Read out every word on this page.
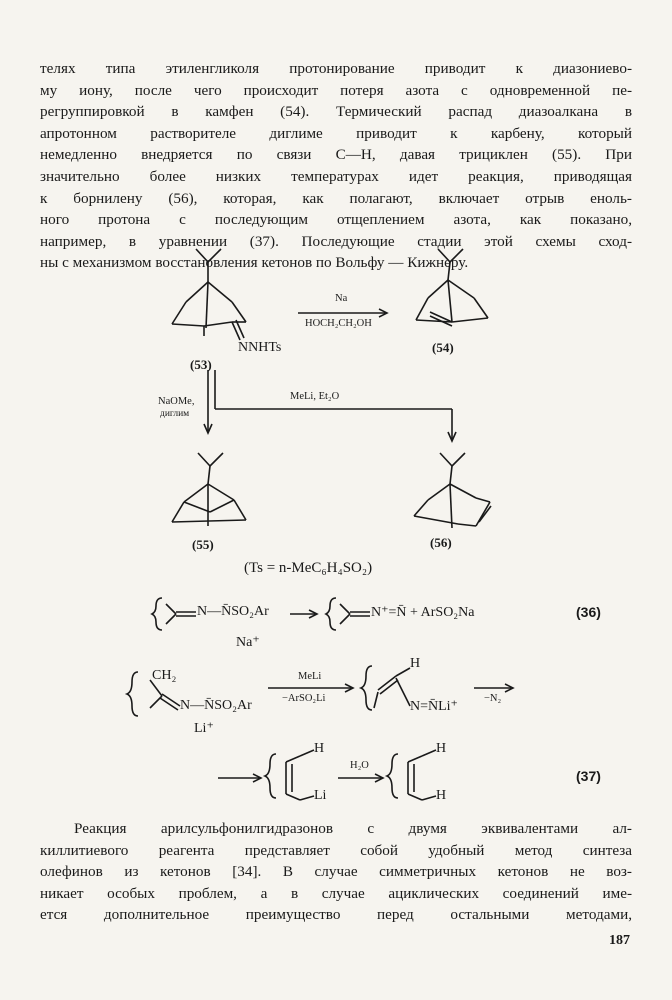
телях типа этиленгликоля протонирование приводит к диазониево-
му иону, после чего происходит потеря азота с одновременной пе-
регруппировкой в камфен (54). Термический распад диазоалкана в
апротонном растворителе диглиме приводит к карбену, который
немедленно внедряется по связи С—Н, давая трициклен (55). При
значительно более низких температурах идет реакция, приводящая
к борнилену (56), которая, как полагают, включает отрыв еноль-
ного протона с последующим отщеплением азота, как показано,
например, в уравнении (37). Последующие стадии этой схемы сход-
ны с механизмом восстановления кетонов по Вольфу — Кижнеру.
Na
HOCH₂CH₂OH
NNHTs
(53)
(54)
NaOMe,
диглим
MeLi, Et₂O
(55)	(56)
(Ts = n-MeC₆H₄SO₂)
N—N̄SO₂Ar
Na⁺
N⁺=N̄ + ArSO₂Na	(36)
CH₂
N—N̄SO₂Ar
Li⁺
MeLi
−ArSO₂Li
H
N=N̄Li⁺
−N₂
H
Li
H₂O
H
H
(37)
Реакция арилсульфонилгидразонов с двумя эквивалентами ал-
киллитиевого реагента представляет собой удобный метод синтеза
олефинов из кетонов [34]. В случае симметричных кетонов не воз-
никает особых проблем, а в случае ациклических соединений име-
ется дополнительное преимущество перед остальными методами,
187
